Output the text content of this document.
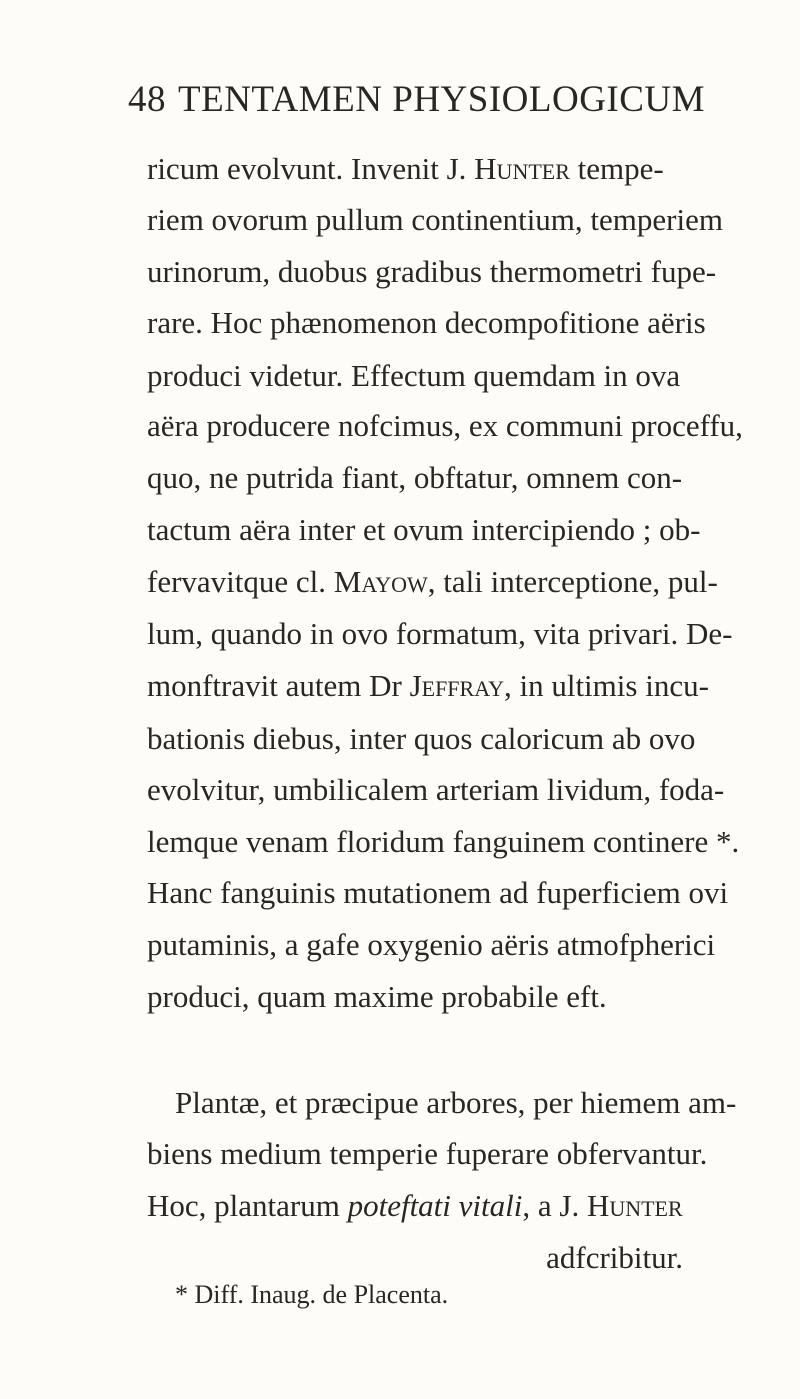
48 TENTAMEN PHYSIOLOGICUM
ricum evolvunt. Invenit J. Hunter tempe-
riem ovorum pullum continentium, temperiem
urinorum, duobus gradibus thermometri fupe-
rare. Hoc phænomenon decompofitione aëris
produci videtur. Effectum quemdam in ova
aëra producere nofcimus, ex communi proceffu,
quo, ne putrida fiant, obftatur, omnem con-
tactum aëra inter et ovum intercipiendo ; ob-
fervavitque cl. Mayow, tali interceptione, pul-
lum, quando in ovo formatum, vita privari. De-
monftravit autem Dr Jeffray, in ultimis incu-
bationis diebus, inter quos caloricum ab ovo
evolvitur, umbilicalem arteriam lividum, foda-
lemque venam floridum fanguinem continere *.
Hanc fanguinis mutationem ad fuperficiem ovi
putaminis, a gafe oxygenio aëris atmofpherici
produci, quam maxime probabile eft.
Plantæ, et præcipue arbores, per hiemem am-
biens medium temperie fuperare obfervantur.
Hoc, plantarum poteftati vitali, a J. Hunter
adfcribitur.
* Diff. Inaug. de Placenta.
